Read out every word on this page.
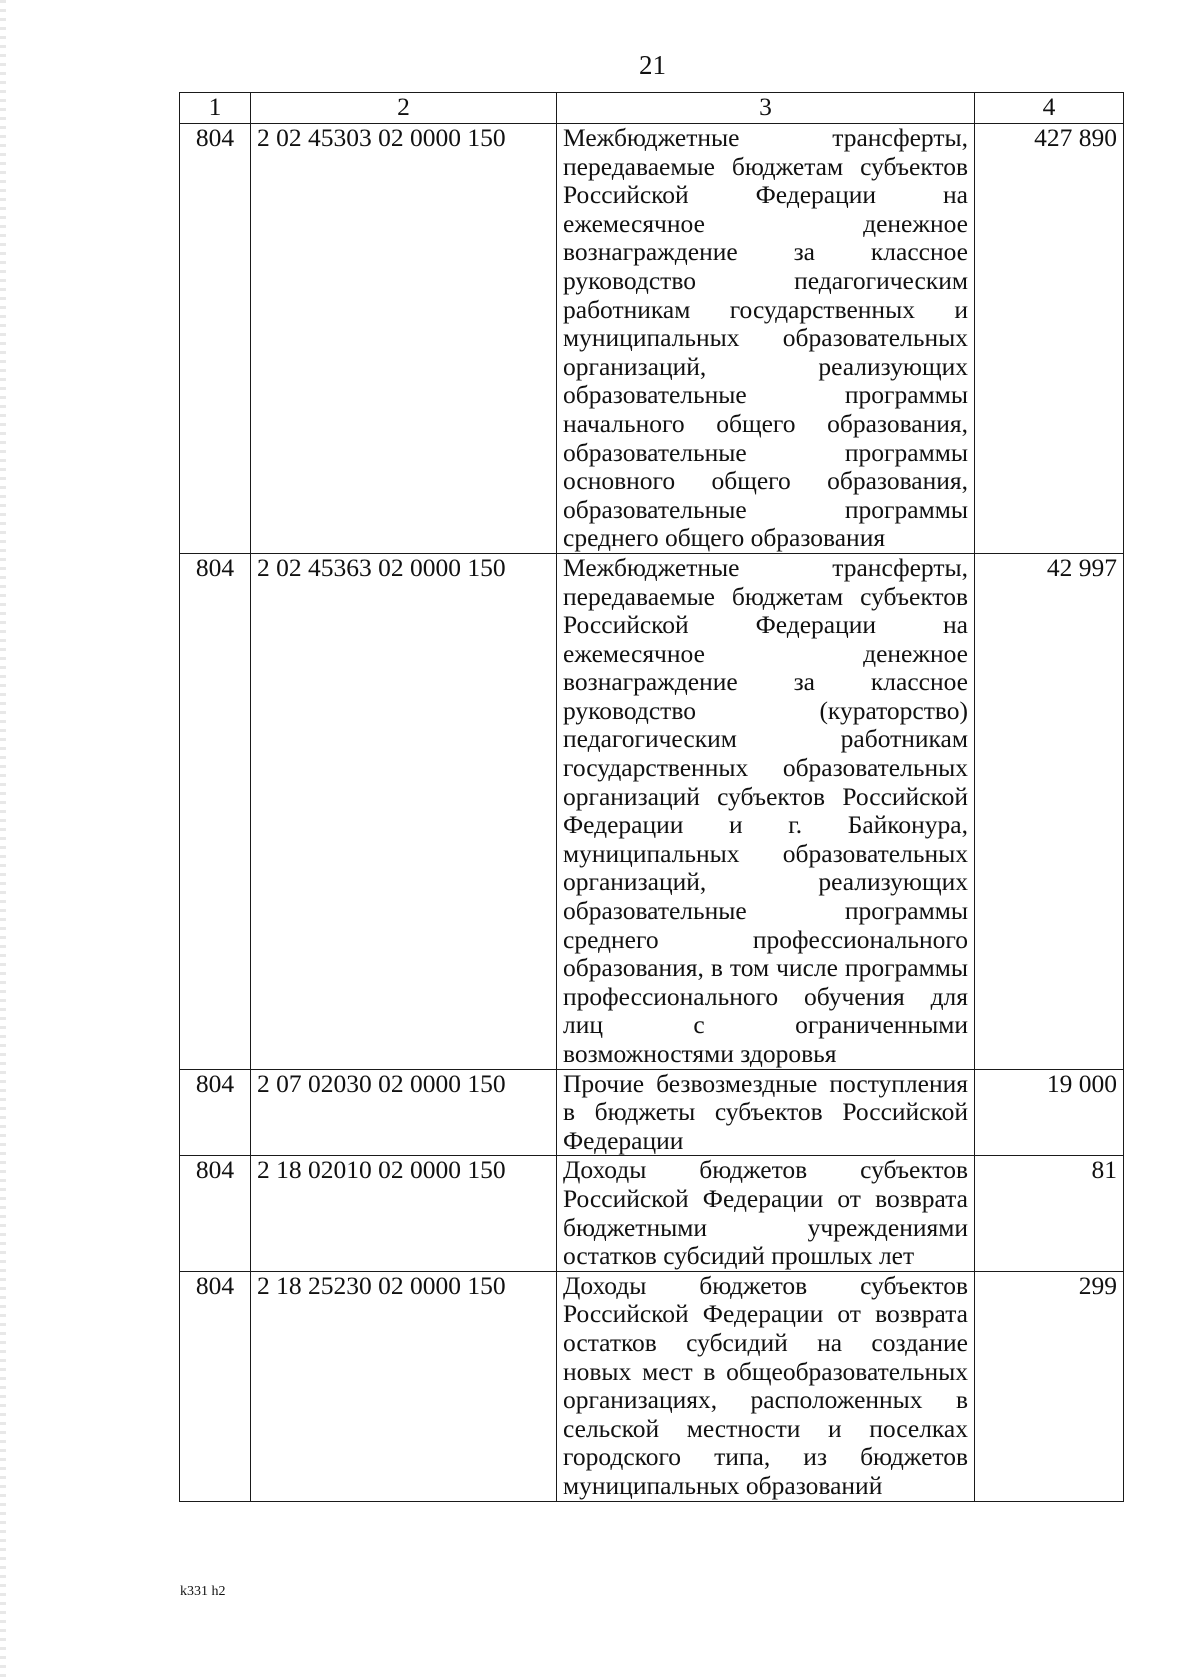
21
1	2	3	4
804	2 02 45303 02 0000 150	Межбюджетные трансферты, передаваемые бюджетам субъектов Российской Федерации на ежемесячное денежное вознаграждение за классное руководство педагогическим работникам государственных и муниципальных образовательных организаций, реализующих образовательные программы начального общего образования, образовательные программы основного общего образования, образовательные программы среднего общего образования	427 890
804	2 02 45363 02 0000 150	Межбюджетные трансферты, передаваемые бюджетам субъектов Российской Федерации на ежемесячное денежное вознаграждение за классное руководство (кураторство) педагогическим работникам государственных образовательных организаций субъектов Российской Федерации и г. Байконура, муниципальных образовательных организаций, реализующих образовательные программы среднего профессионального образования, в том числе программы профессионального обучения для лиц с ограниченными возможностями здоровья	42 997
804	2 07 02030 02 0000 150	Прочие безвозмездные поступления в бюджеты субъектов Российской Федерации	19 000
804	2 18 02010 02 0000 150	Доходы бюджетов субъектов Российской Федерации от возврата бюджетными учреждениями остатков субсидий прошлых лет	81
804	2 18 25230 02 0000 150	Доходы бюджетов субъектов Российской Федерации от возврата остатков субсидий на создание новых мест в общеобразовательных организациях, расположенных в сельской местности и поселках городского типа, из бюджетов муниципальных образований	299
k331 h2
